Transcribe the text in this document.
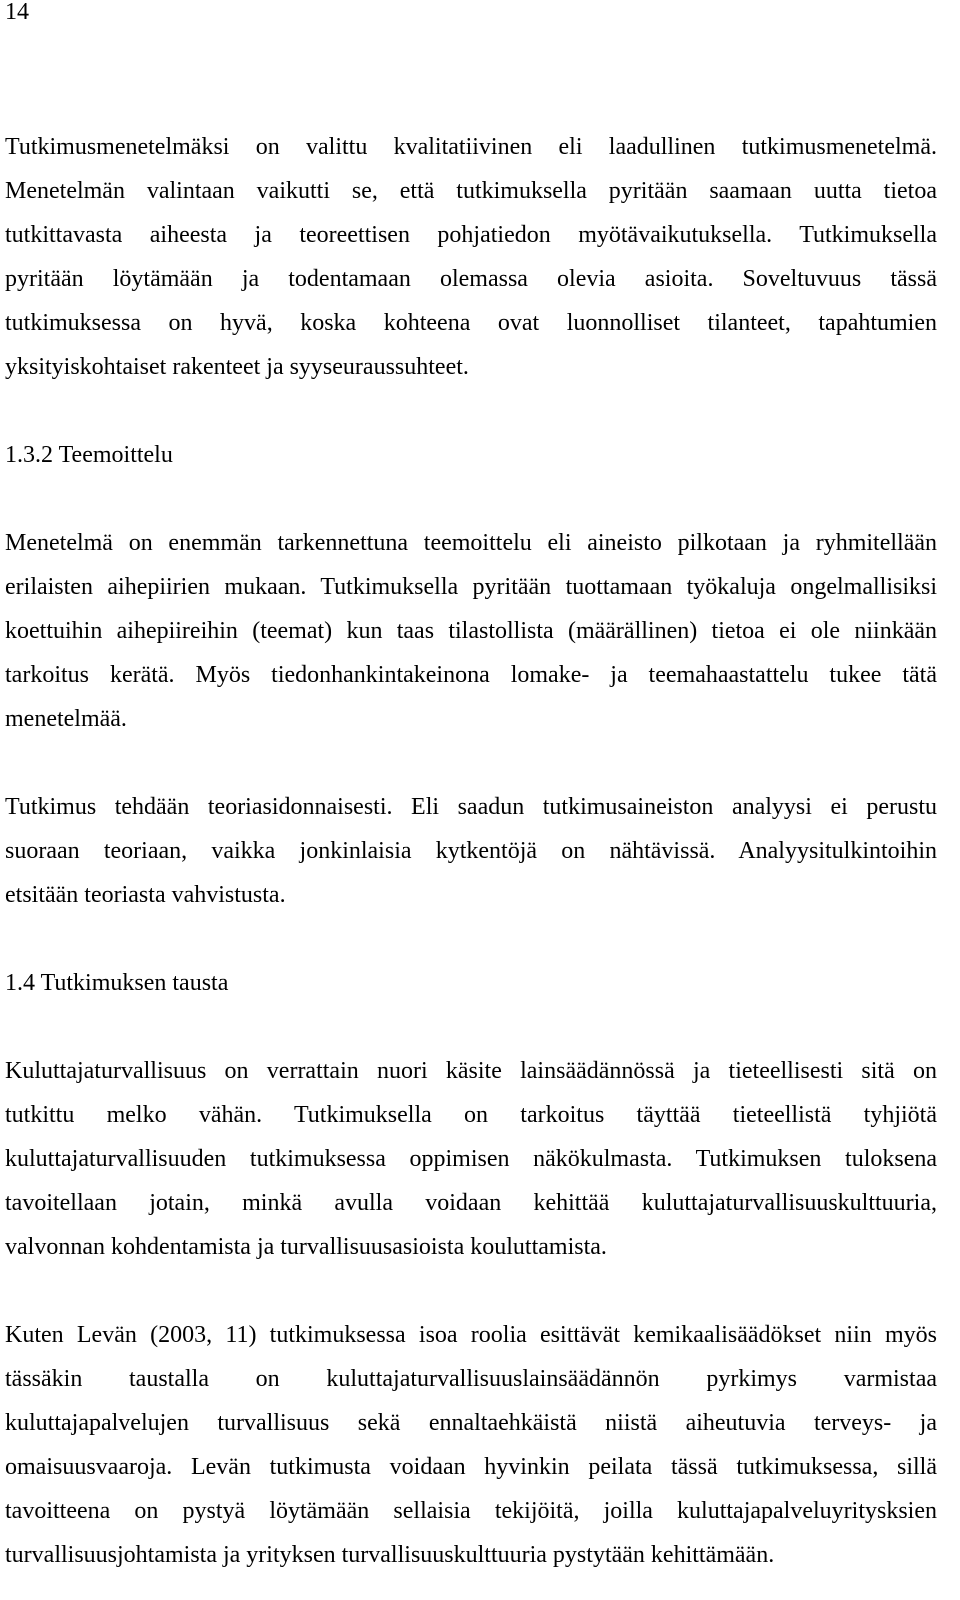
14
Tutkimusmenetelmäksi on valittu kvalitatiivinen eli laadullinen tutkimusmenetelmä.
Menetelmän valintaan vaikutti se, että tutkimuksella pyritään saamaan uutta tietoa
tutkittavasta aiheesta ja teoreettisen pohjatiedon myötävaikutuksella. Tutkimuksella
pyritään löytämään ja todentamaan olemassa olevia asioita. Soveltuvuus tässä
tutkimuksessa on hyvä, koska kohteena ovat luonnolliset tilanteet, tapahtumien
yksityiskohtaiset rakenteet ja syyseuraussuhteet.
1.3.2 Teemoittelu
Menetelmä on enemmän tarkennettuna teemoittelu eli aineisto pilkotaan ja ryhmitellään
erilaisten aihepiirien mukaan. Tutkimuksella pyritään tuottamaan työkaluja ongelmallisiksi
koettuihin aihepiireihin (teemat) kun taas tilastollista (määrällinen) tietoa ei ole niinkään
tarkoitus kerätä. Myös tiedonhankintakeinona lomake- ja teemahaastattelu tukee tätä
menetelmää.
Tutkimus tehdään teoriasidonnaisesti. Eli saadun tutkimusaineiston analyysi ei perustu
suoraan teoriaan, vaikka jonkinlaisia kytkentöjä on nähtävissä. Analyysitulkintoihin
etsitään teoriasta vahvistusta.
1.4 Tutkimuksen tausta
Kuluttajaturvallisuus on verrattain nuori käsite lainsäädännössä ja tieteellisesti sitä on
tutkittu melko vähän. Tutkimuksella on tarkoitus täyttää tieteellistä tyhjiötä
kuluttajaturvallisuuden tutkimuksessa oppimisen näkökulmasta. Tutkimuksen tuloksena
tavoitellaan jotain, minkä avulla voidaan kehittää kuluttajaturvallisuuskulttuuria,
valvonnan kohdentamista ja turvallisuusasioista kouluttamista.
Kuten Levän (2003, 11) tutkimuksessa isoa roolia esittävät kemikaalisäädökset niin myös
tässäkin taustalla on kuluttajaturvallisuuslainsäädännön pyrkimys varmistaa
kuluttajapalvelujen turvallisuus sekä ennaltaehkäistä niistä aiheutuvia terveys- ja
omaisuusvaaroja. Levän tutkimusta voidaan hyvinkin peilata tässä tutkimuksessa, sillä
tavoitteena on pystyä löytämään sellaisia tekijöitä, joilla kuluttajapalveluyritysksien
turvallisuusjohtamista ja yrityksen turvallisuuskulttuuria pystytään kehittämään.
